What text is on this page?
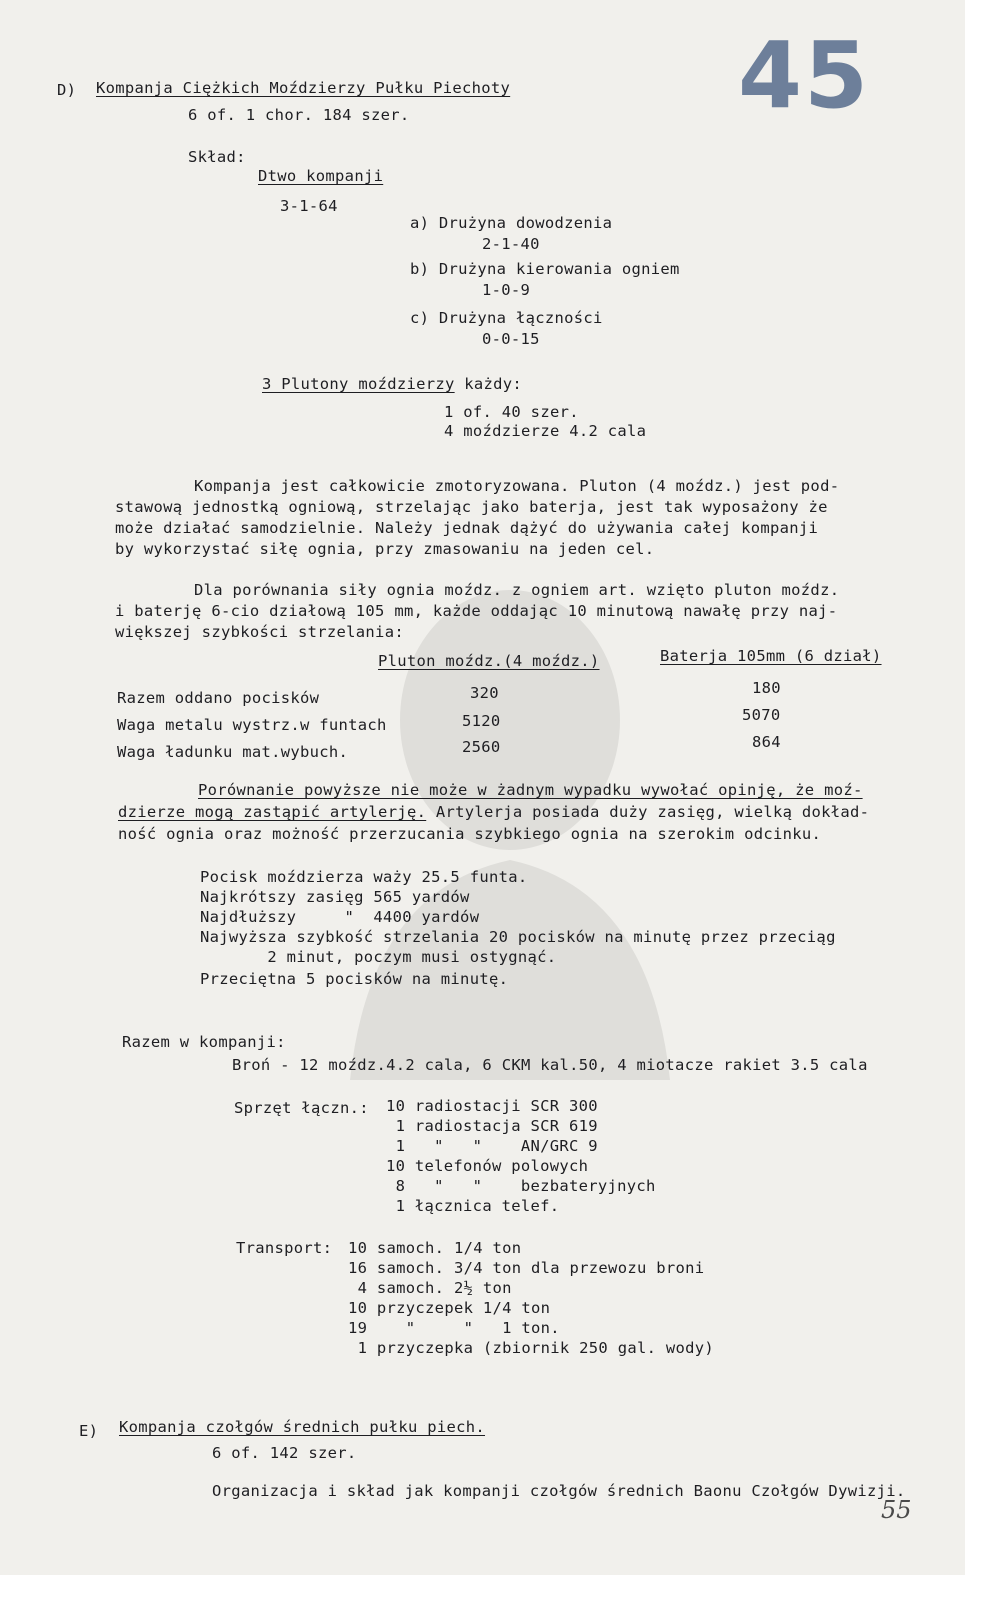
45
D) Kompanja Ciężkich Moździerzy Pułku Piechoty
6 of. 1 chor. 184 szer.
Skład:
Dtwo kompanji
3-1-64
a) Drużyna dowodzenia
2-1-40
b) Drużyna kierowania ogniem
1-0-9
c) Drużyna łączności
0-0-15
3 Plutony moździerzy każdy:
1 of. 40 szer.
4 moździerze 4.2 cala
Kompanja jest całkowicie zmotoryzowana. Pluton (4 moźdz.) jest pod-
stawową jednostką ogniową, strzelając jako baterja, jest tak wyposażony że
może działać samodzielnie. Należy jednak dążyć do używania całej kompanji
by wykorzystać siłę ognia, przy zmasowaniu na jeden cel.
Dla porównania siły ognia moźdz. z ogniem art. wzięto pluton moźdz.
i baterję 6-cio działową 105 mm, każde oddając 10 minutową nawałę przy naj-
większej szybkości strzelania:
Pluton moźdz.(4 moźdz.)	Baterja 105mm (6 dział)
Razem oddano pocisków	320	180
Waga metalu wystrz.w funtach	5120	5070
Waga ładunku mat.wybuch.	2560	864
Porównanie powyższe nie może w żadnym wypadku wywołać opinję, że moź-
dzierze mogą zastąpić artylerję. Artylerja posiada duży zasięg, wielką dokład-
ność ognia oraz możność przerzucania szybkiego ognia na szerokim odcinku.
Pocisk moździerza waży 25.5 funta.
Najkrótszy zasięg 565 yardów
Najdłuższy     "  4400 yardów
Najwyższa szybkość strzelania 20 pocisków na minutę przez przeciąg
2 minut, poczym musi ostygnąć.
Przeciętna 5 pocisków na minutę.
Razem w kompanji:
Broń - 12 moźdz.4.2 cala, 6 CKM kal.50, 4 miotacze rakiet 3.5 cala
Sprzęt łączn.: 10 radiostacji SCR 300
1 radiostacja SCR 619
1   "   "    AN/GRC 9
10 telefonów polowych
8   "   "    bezbateryjnych
1 łącznica telef.
Transport: 10 samoch. 1/4 ton
16 samoch. 3/4 ton dla przewozu broni
4 samoch. 2½ ton
10 przyczepek 1/4 ton
19    "     "   1 ton.
1 przyczepka (zbiornik 250 gal. wody)
E) Kompanja czołgów średnich pułku piech.
6 of. 142 szer.
Organizacja i skład jak kompanji czołgów średnich Baonu Czołgów Dywizji.
55
